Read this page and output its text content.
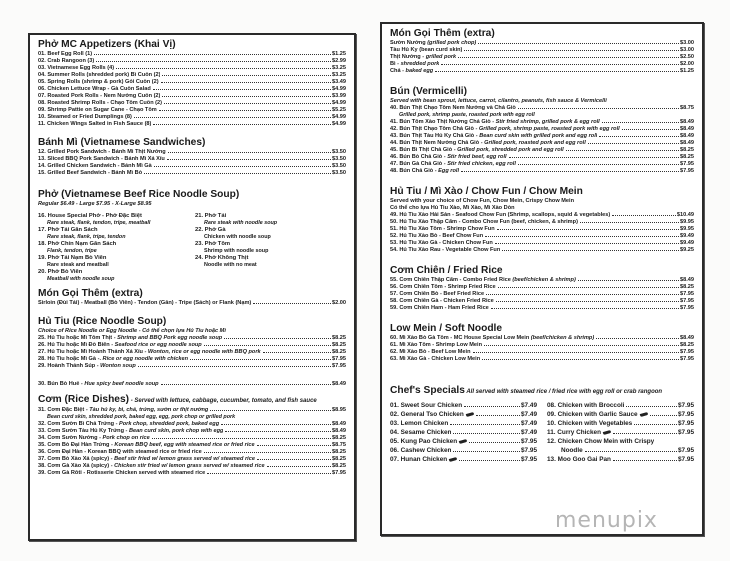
Phở MC Appetizers (Khai Vị)
01. Beef Egg Roll (1)	$1.25
02. Crab Rangoon (3)	$2.99
03. Vietnamese Egg Rolls (4)	$3.25
04. Summer Rolls (shredded pork) Bì Cuốn (2)	$3.25
05. Spring Rolls (shrimp & pork) Gỏi Cuốn (2)	$3.49
06. Chicken Lettuce Wrap - Gà Cuốn Salad	$4.99
07. Roasted Pork Rolls - Nem Nướng Cuốn (2)	$3.99
08. Roasted Shrimp Rolls - Chạo Tôm Cuốn (2)	$4.99
09. Shrimp Pattie on Sugar Cane - Chạo Tôm	$5.25
10. Steamed or Fried Dumplings (8)	$4.99
11. Chicken Wings Salted in Fish Sauce (8)	$4.99
Bánh Mì (Vietnamese Sandwiches)
12. Grilled Pork Sandwich - Bánh Mì Thịt Nướng	$3.50
13. Sliced BBQ Pork Sandwich - Bánh Mì Xá Xíu	$3.50
14. Grilled Chicken Sandwich - Bánh Mì Gà	$3.50
15. Grilled Beef Sandwich - Bánh Mì Bò	$3.50
Phở (Vietnamese Beef Rice Noodle Soup)
Regular $6.49 - Large $7.95 - X-Large $8.95
16. House Special Phở - Phở Đặc Biệt
Rare steak, flank, tendon, tripe, meatball
17. Phở Tái Gân Sách
Rare steak, flank, tripe, tendon
18. Phở Chín Nạm Gân Sách
Flank, tendon, tripe
19. Phở Tái Nạm Bò Viên
Rare steak and meatball
20. Phở Bò Viên
Meatball with noodle soup
21. Phở Tái
Rare steak with noodle soup
22. Phở Gà
Chicken with noodle soup
23. Phở Tôm
Shrimp with noodle soup
24. Phở Không Thịt
Noodle with no meat
Món Gọi Thêm (extra)
Sirloin (Đùi Tái) - Meatball (Bò Viên) - Tendon (Gân) - Tripe (Sách) or Flank (Nạm)	$2.00
Hủ Tiu (Rice Noodle Soup)
Choice of Rice Noodle or Egg Noodle - Có thể chọn lựa Hủ Tiu hoặc Mì
25. Hủ Tiu hoặc Mì Tôm Thịt - Shrimp and BBQ Pork egg noodle soup	$8.25
26. Hủ Tiu hoặc Mì Đồ Biển - Seafood rice or egg noodle soup	$8.25
27. Hủ Tiu hoặc Mì Hoành Thánh Xá Xíu - Wonton, rice or egg noodle with BBQ pork	$8.25
28. Hủ Tiu hoặc Mì Gà -. Rice or egg noodle with chicken	$7.95
29. Hoành Thánh Súp - Wonton soup	$7.95
30. Bún Bò Huế - Hue spicy beef noodle soup	$8.49
Cơm (Rice Dishes) - Served with lettuce, cabbage, cucumber, tomato, and fish sauce
31. Cơm Đặc Biệt - Tàu hủ ky, bì, chả, trứng, sườn or thịt nướng	$8.95
Bean curd skin, shredded pork, baked egg, egg, pork chop or grilled pork
32. Cơm Sườn Bì Chả Trứng - Pork chop, shredded pork, baked egg	$8.49
33. Cơm Sườn Tàu Hủ Ky Trứng - Bean curd skin, pork chop with egg	$8.49
34. Cơm Sườn Nướng - Pork chop on rice	$8.25
35. Cơm Bò Đại Hàn Trứng - Korean BBQ beef, egg with steamed rice or fried rice	$8.75
36. Cơm Đại Hàn - Korean BBQ with steamed rice or fried rice	$8.25
37. Cơm Bò Xào Xả (spicy) - Beef stir fried w/ lemon grass served w/ steamed rice	$8.25
38. Cơm Gà Xào Xả (spicy) - Chicken stir fried w/ lemon grass served w/ steamed rice	$8.25
39. Cơm Gà Rôti - Rotisserie Chicken served with steamed rice	$7.95
Món Gọi Thêm (extra)
Sườn Nướng (grilled pork chop)	$3.00
Tàu Hủ Ky (bean curd skin)	$3.00
Thịt Nướng - grilled pork	$2.50
Bì - shredded pork	$2.00
Chả - baked egg	$1.25
Bún (Vermicelli)
Served with bean sprout, lettuce, carrot, cilantro, peanuts, fish sauce & Vermicelli
40. Bún Thịt Chạo Tôm Nem Nướng và Chả Giò	$8.75
Grilled pork, shrimp paste, roasted pork with egg roll
41. Bún Tôm Xào Thịt Nướng Chả Giò - Stir fried shrimp, grilled pork & egg roll	$8.49
42. Bún Thịt Chạo Tôm Chả Giò - Grilled pork, shrimp paste, roasted pork with egg roll	$8.49
43. Bún Thịt Tàu Hủ Ky Chả Giò - Bean curd skin with grilled pork and egg roll	$8.49
44. Bún Thịt Nem Nướng Chả Giò - Grilled pork, roasted pork and egg roll	$8.49
45. Bún Bì Thịt Chả Giò - Grilled pork, shredded pork and egg roll	$8.25
46. Bún Bò Chả Giò - Stir fried beef, egg roll	$8.25
47. Bún Gà Chả Giò - Stir fried chicken, egg roll	$7.95
48. Bún Chả Giò - Egg roll	$7.95
Hủ Tiu / Mì Xào / Chow Fun / Chow Mein
Served with your choice of Chow Fun, Chow Mein, Crispy Chow Mein
Có thể cho lựa Hủ Tiu Xào, Mì Xào, Mì Xào Dòn
49. Hủ Tiu Xào Hải Sản - Seafood Chow Fun (Shrimp, scallops, squid & vegetables)	$10.49
50. Hủ Tiu Xào Thập Cẩm - Combo Chow Fun (beef, chicken, & shrimp)	$9.95
51. Hủ Tiu Xào Tôm - Shrimp Chow Fun	$9.95
52. Hủ Tiu Xào Bò - Beef Chow Fun	$9.49
53. Hủ Tiu Xào Gà - Chicken Chow Fun	$9.49
54. Hủ Tiu Xào Rau - Vegetable Chow Fun	$9.25
Cơm Chiên / Fried Rice
55. Cơm Chiên Thập Cẩm - Combo Fried Rice (beef/chicken & shrimp)	$8.49
56. Cơm Chiên Tôm - Shrimp Fried Rice	$8.25
57. Cơm Chiên Bò - Beef Fried Rice	$7.95
58. Cơm Chiên Gà - Chicken Fried Rice	$7.95
59. Cơm Chiên Ham - Ham Fried Rice	$7.95
Low Mein / Soft Noodle
60. Mì Xào Bò Gà Tôm - MC House Special Low Mein (beef/chicken & shrimp)	$8.49
61. Mì Xào Tôm - Shrimp Low Mein	$8.25
62. Mì Xào Bò - Beef Low Mein	$7.95
63. Mì Xào Gà - Chicken Low Mein	$7.95
Chef's Specials All served with steamed rice / fried rice with egg roll or crab rangoon
01. Sweet Sour Chicken	$7.49
02. General Tso Chicken	$7.49
03. Lemon Chicken	$7.49
04. Sesame Chicken	$7.49
05. Kung Pao Chicken	$7.95
06. Cashew Chicken	$7.95
07. Hunan Chicken	$7.95
08. Chicken with Broccoli	$7.95
09. Chicken with Garlic Sauce	$7.95
10. Chicken with Vegetables	$7.95
11. Curry Chicken	$7.95
12. Chicken Chow Mein with Crispy
Noodle	$7.95
13. Moo Goo Gai Pan	$7.95
menupix
